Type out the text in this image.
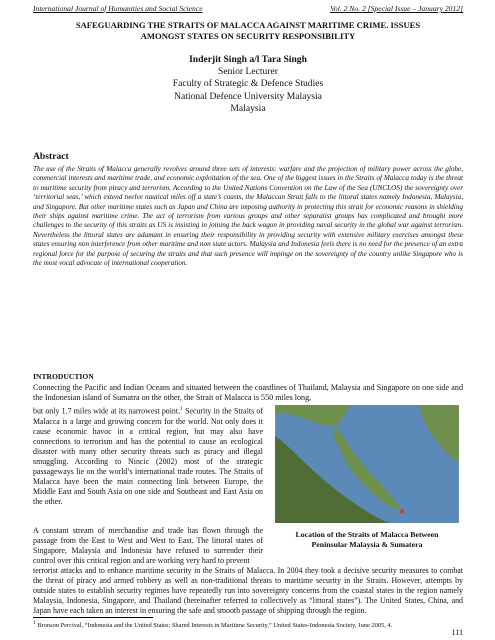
International Journal of Humanities and Social Science	Vol. 2 No. 2 [Special Issue – January 2012]
SAFEGUARDING THE STRAITS OF MALACCA AGAINST MARITIME CRIME. ISSUES
AMONGST STATES ON SECURITY RESPONSIBILITY
Inderjit Singh a/l Tara Singh
Senior Lecturer
Faculty of Strategic & Defence Studies
National Defence University Malaysia
Malaysia
Abstract
The use of the Straits of Malacca generally revolves around three sets of interests: warfare and the projection of military power across the globe, commercial interests and maritime trade, and economic exploitation of the sea. One of the biggest issues in the Straits of Malacca today is the threat to maritime security from piracy and terrorism. According to the United Nations Convention on the Law of the Sea (UNCLOS) the sovereignty over ‘territorial seas,’ which extend twelve nautical miles off a state’s coasts, the Malaccan Strait falls to the littoral states namely Indonesia, Malaysia, and Singapore. But other maritime states such as Japan and China are imposing authority in protecting this strait for economic reasons in shielding their ships against maritime crime. The act of terrorism from various groups and other separatist groups has complicated and brought more challenges to the security of this straits as US is insisting in joining the back wagon in providing naval security in the global war against terrorism. Nevertheless the littoral states are adamant in ensuring their responsibility in providing security with extensive military exercises amongst these states ensuring non interference from other maritime and non state actors. Malaysia and Indonesia feels there is no need for the presence of an extra regional force for the purpose of securing the straits and that such presence will impinge on the sovereignty of the country unlike Singapore who is the most vocal advocate of international cooperation.
INTRODUCTION
Connecting the Pacific and Indian Oceans and situated between the coastlines of Thailand, Malaysia and Singapore on one side and the Indonesian island of Sumatra on the other, the Strait of Malacca is 550 miles long,
but only 1.7 miles wide at its narrowest point.$^1$ Security in the Straits of Malacca is a large and growing concern for the world. Not only does it cause economic havoc in a critical region, but may also have connections to terrorism and has the potential to cause an ecological disaster with many other security threats such as piracy and illegal smuggling. According to Nincic (2002) most of the strategic passageways lie on the world’s international trade routes. The Straits of Malacca have been the main connecting link between Europe, the Middle East and South Asia on one side and Southeast and East Asia on the other.
Location of the Straits of Malacca Between
Peninsular Malaysia & Sumatera
A constant stream of merchandise and trade has flown through the passage from the East to West and West to East. The littoral states of Singapore, Malaysia and Indonesia have refused to surrender their control over this critical region and are working very hard to prevent
terrorist attacks and to enhance maritime security in the Straits of Malacca. In 2004 they took a decisive security measures to combat the threat of piracy and armed robbery as well as non-traditional threats to maritime security in the Straits. However, attempts by outside states to establish security regimes have repeatedly run into sovereignty concerns from the coastal states in the region namely Malaysia, Indonesia, Singapore, and Thailand (hereinafter referred to collectively as “littoral states”). The United States, China, and Japan have each taken an interest in ensuring the safe and smooth passage of shipping through the region.
111
$^1$ Bronson Percival, “Indonesia and the United States: Shared Interests in Maritime Security,” United States-Indonesia Society, June 2005, 4.
